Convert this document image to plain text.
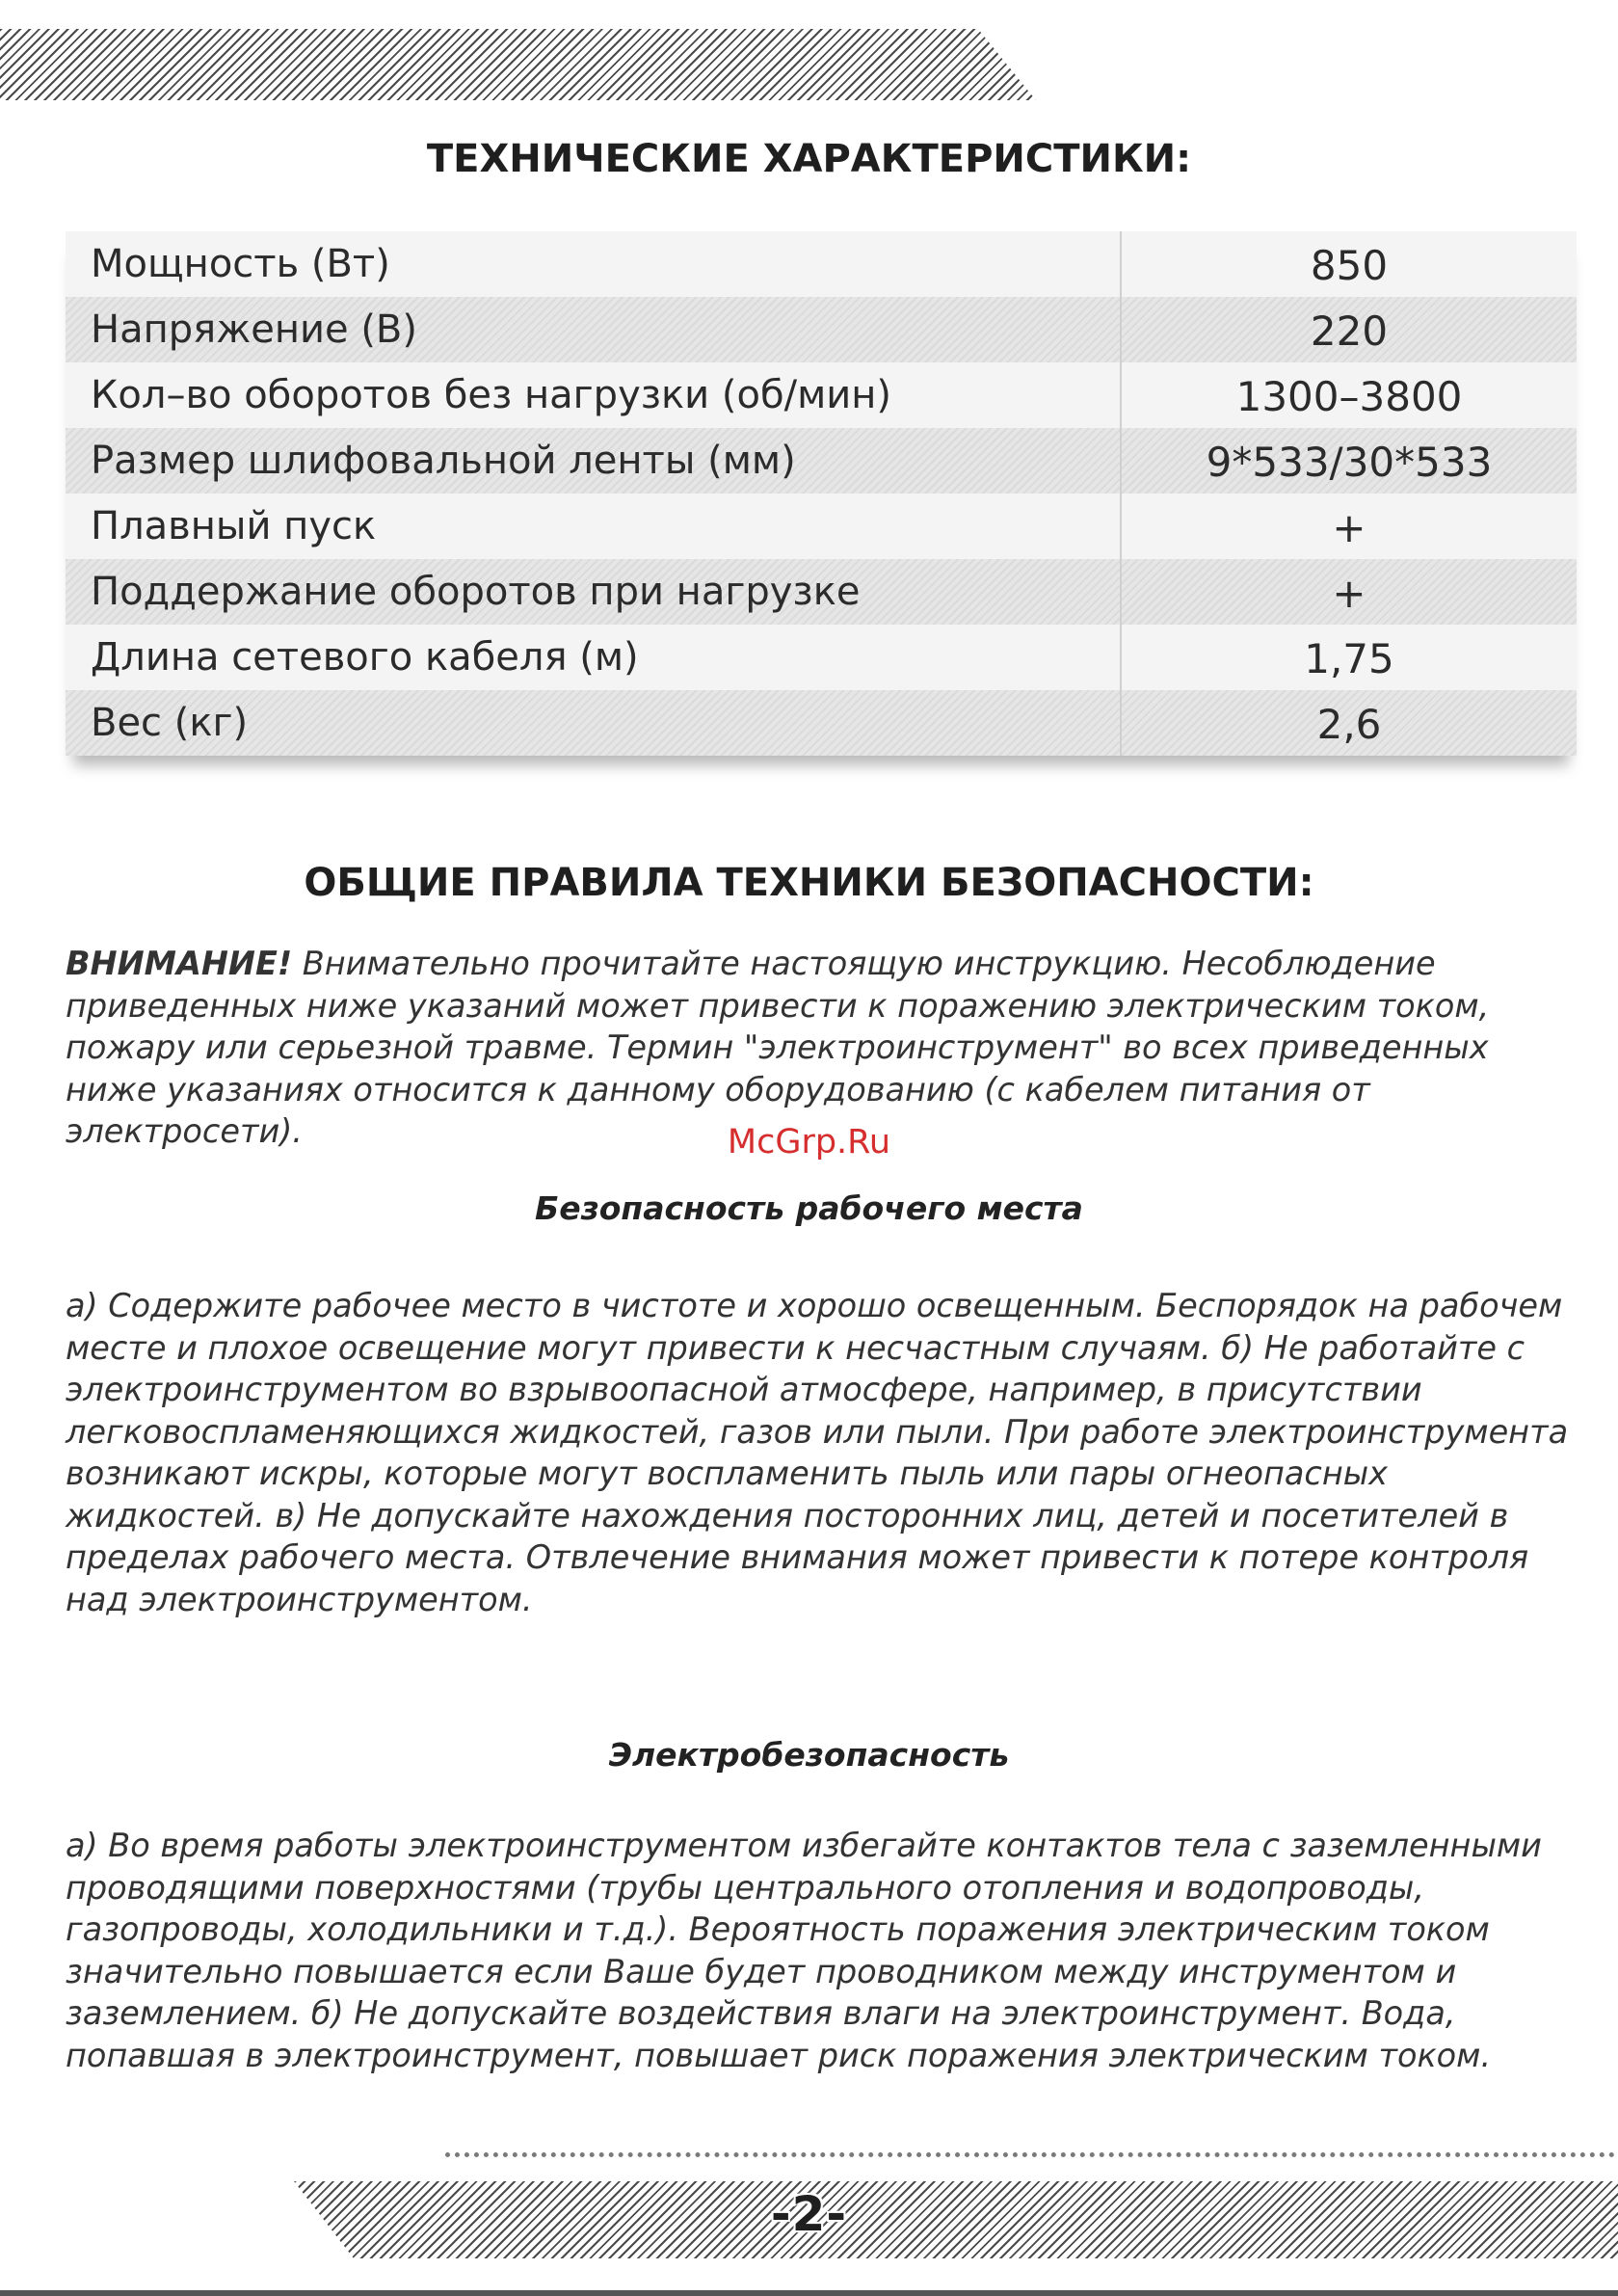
ТЕХНИЧЕСКИЕ ХАРАКТЕРИСТИКИ:
Мощность (Вт)	850
Напряжение (В)	220
Кол–во оборотов без нагрузки (об/мин)	1300–3800
Размер шлифовальной ленты (мм)	9*533/30*533
Плавный пуск	+
Поддержание оборотов при нагрузке	+
Длина сетевого кабеля (м)	1,75
Вес (кг)	2,6
ОБЩИЕ ПРАВИЛА ТЕХНИКИ БЕЗОПАСНОСТИ:

ВНИМАНИЕ! Внимательно прочитайте настоящую инструкцию. Несоблюдение приведенных ниже указаний может привести к поражению электрическим током, пожару или серьезной травме. Термин "электроинструмент" во всех приведенных ниже указаниях относится к данному оборудованию (с кабелем питания от электросети).	McGrp.Ru
Безопасность рабочего места

а) Содержите рабочее место в чистоте и хорошо освещенным. Беспорядок на рабочем месте и плохое освещение могут привести к несчастным случаям. б) Не работайте с электроинструментом во взрывоопасной атмосфере, например, в присутствии легковоспламеняющихся жидкостей, газов или пыли. При работе электроинструмента возникают искры, которые могут воспламенить пыль или пары огнеопасных жидкостей. в) Не допускайте нахождения посторонних лиц, детей и посетителей в пределах рабочего места. Отвлечение внимания может привести к потере контроля над электроинструментом.

Электробезопасность

а) Во время работы электроинструментом избегайте контактов тела с заземленными проводящими поверхностями (трубы центрального отопления и водопроводы, газопроводы, холодильники и т.д.). Вероятность поражения электрическим током значительно повышается если Ваше будет проводником между инструментом и заземлением. б) Не допускайте воздействия влаги на электроинструмент. Вода, попавшая в электроинструмент, повышает риск поражения электрическим током.

-2-
